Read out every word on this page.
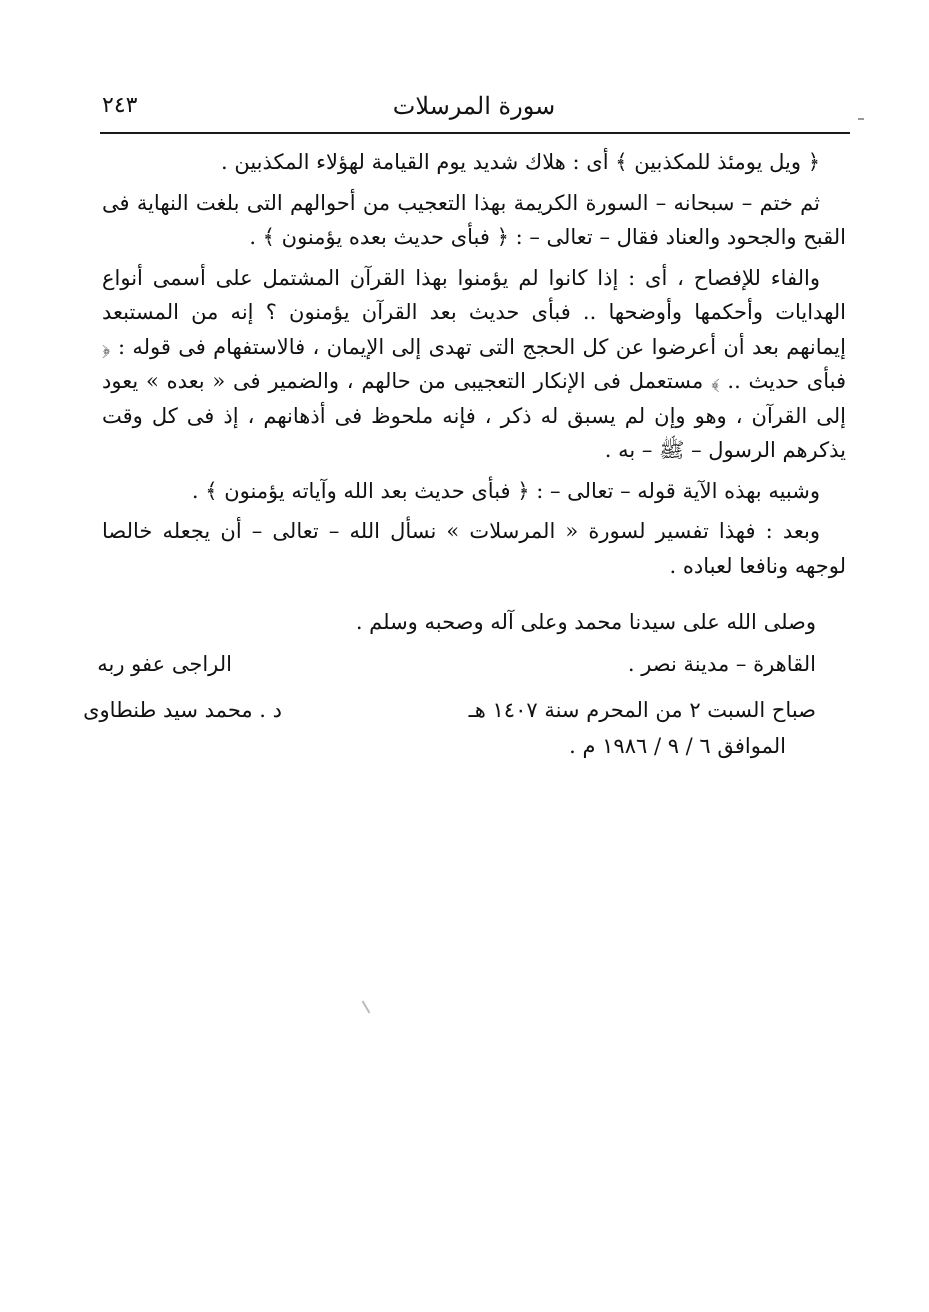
سورة المرسلات
٢٤٣

﴿ ويل يومئذ للمكذبين ﴾ أى : هلاك شديد يوم القيامة لهؤلاء المكذبين .

ثم ختم – سبحانه – السورة الكريمة بهذا التعجيب من أحوالهم التى بلغت النهاية فى القبح والجحود والعناد فقال – تعالى – : ﴿ فبأى حديث بعده يؤمنون ﴾ .

والفاء للإفصاح ، أى : إذا كانوا لم يؤمنوا بهذا القرآن المشتمل على أسمى أنواع الهدايات وأحكمها وأوضحها .. فبأى حديث بعد القرآن يؤمنون ؟ إنه من المستبعد إيمانهم بعد أن أعرضوا عن كل الحجج التى تهدى إلى الإيمان ، فالاستفهام فى قوله : ﴿ فبأى حديث .. ﴾ مستعمل فى الإنكار التعجيبى من حالهم ، والضمير فى « بعده » يعود إلى القرآن ، وهو وإن لم يسبق له ذكر ، فإنه ملحوظ فى أذهانهم ، إذ فى كل وقت يذكرهم الرسول – ﷺ – به .

وشبيه بهذه الآية قوله – تعالى – : ﴿ فبأى حديث بعد الله وآياته يؤمنون ﴾ .

وبعد : فهذا تفسير لسورة « المرسلات » نسأل الله – تعالى – أن يجعله خالصا لوجهه ونافعا لعباده .

وصلى الله على سيدنا محمد وعلى آله وصحبه وسلم .
القاهرة – مدينة نصر .
صباح السبت ٢ من المحرم سنة ١٤٠٧ هـ
الموافق ٦ / ٩ / ١٩٨٦ م .
الراجى عفو ربه
د . محمد سيد طنطاوى
